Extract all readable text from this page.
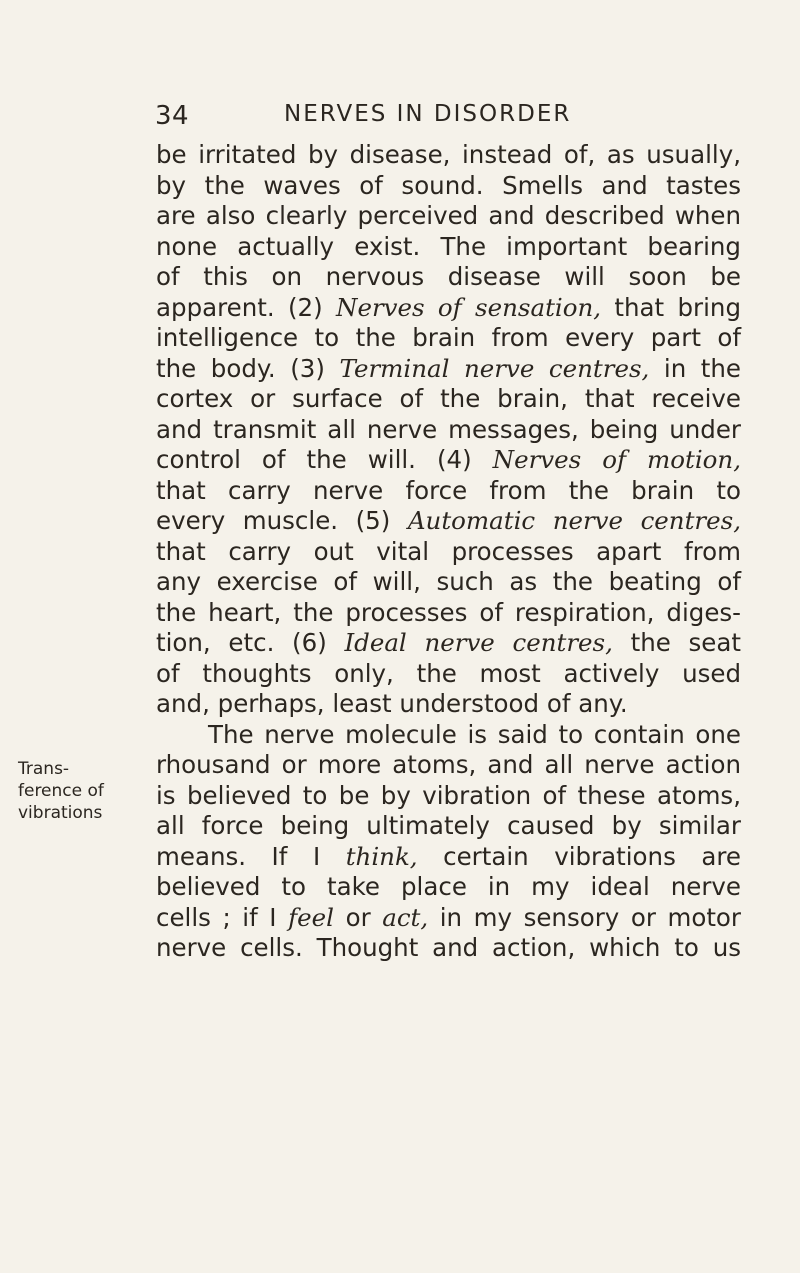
34	NERVES IN DISORDER
Trans-
ference of
vibrations
be irritated by disease, instead of, as usually,
by the waves of sound. Smells and tastes
are also clearly perceived and described when
none actually exist. The important bearing
of this on nervous disease will soon be
apparent. (2) Nerves of sensation, that bring
intelligence to the brain from every part of
the body. (3) Terminal nerve centres, in the
cortex or surface of the brain, that receive
and transmit all nerve messages, being under
control of the will. (4) Nerves of motion,
that carry nerve force from the brain to
every muscle. (5) Automatic nerve centres,
that carry out vital processes apart from
any exercise of will, such as the beating of
the heart, the processes of respiration, diges-
tion, etc. (6) Ideal nerve centres, the seat
of thoughts only, the most actively used
and, perhaps, least understood of any.
The nerve molecule is said to contain one
rhousand or more atoms, and all nerve action
is believed to be by vibration of these atoms,
all force being ultimately caused by similar
means. If I think, certain vibrations are
believed to take place in my ideal nerve
cells ; if I feel or act, in my sensory or motor
nerve cells. Thought and action, which to us
